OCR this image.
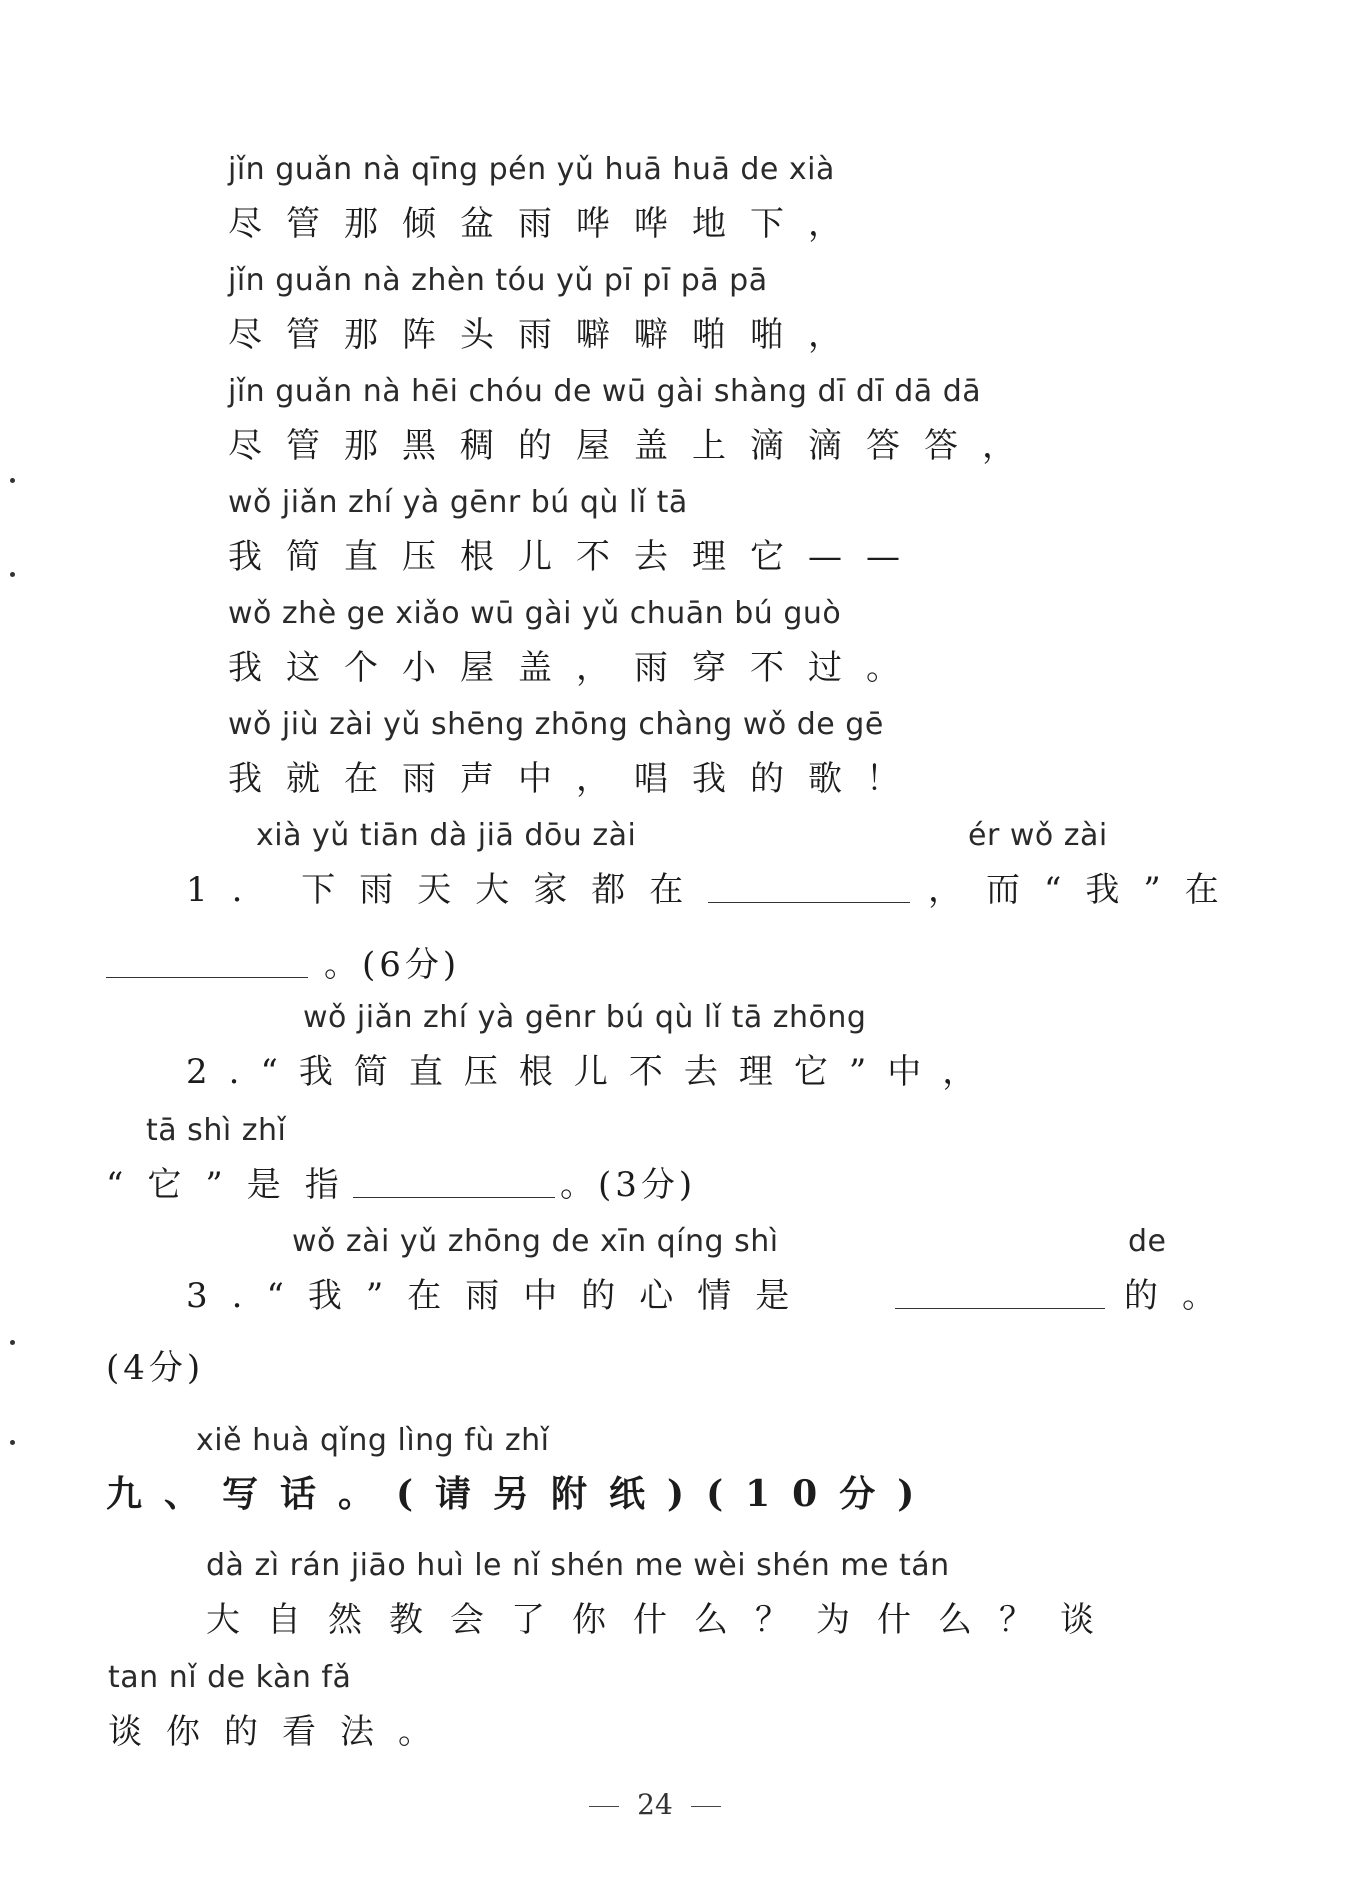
jǐn guǎn nà qīng pén yǔ huā huā de xià
尽管那倾盆雨哗哗地下，
jǐn guǎn nà zhèn tóu yǔ pī pī pā pā
尽管那阵头雨噼噼啪啪，
jǐn guǎn nà hēi chóu de wū gài shàng dī dī dā dā
尽管那黑稠的屋盖上滴滴答答，
wǒ jiǎn zhí yà gēnr bú qù lǐ tā
我简直压根儿不去理它——
wǒ zhè ge xiǎo wū gài yǔ chuān bú guò
我这个小屋盖，雨穿不过。
wǒ jiù zài yǔ shēng zhōng chàng wǒ de gē
我就在雨声中，唱我的歌！
xià yǔ tiān dà jiā dōu zài	ér wǒ zài
1. 下雨天大家都在	，而“我”在
。(6分)
wǒ jiǎn zhí yà gēnr bú qù lǐ tā zhōng
2.“我简直压根儿不去理它”中，
tā shì zhǐ
“它”是指	。(3分)
wǒ zài yǔ zhōng de xīn qíng shì	de
3.“我”在雨中的心情是	的。
(4分)
xiě huà qǐng lìng fù zhǐ
九、写话。(请另附纸)(10分)
dà zì rán jiāo huì le nǐ shén me wèi shén me tán
大自然教会了你什么？为什么？谈
tan nǐ de kàn fǎ
谈你的看法。
24
